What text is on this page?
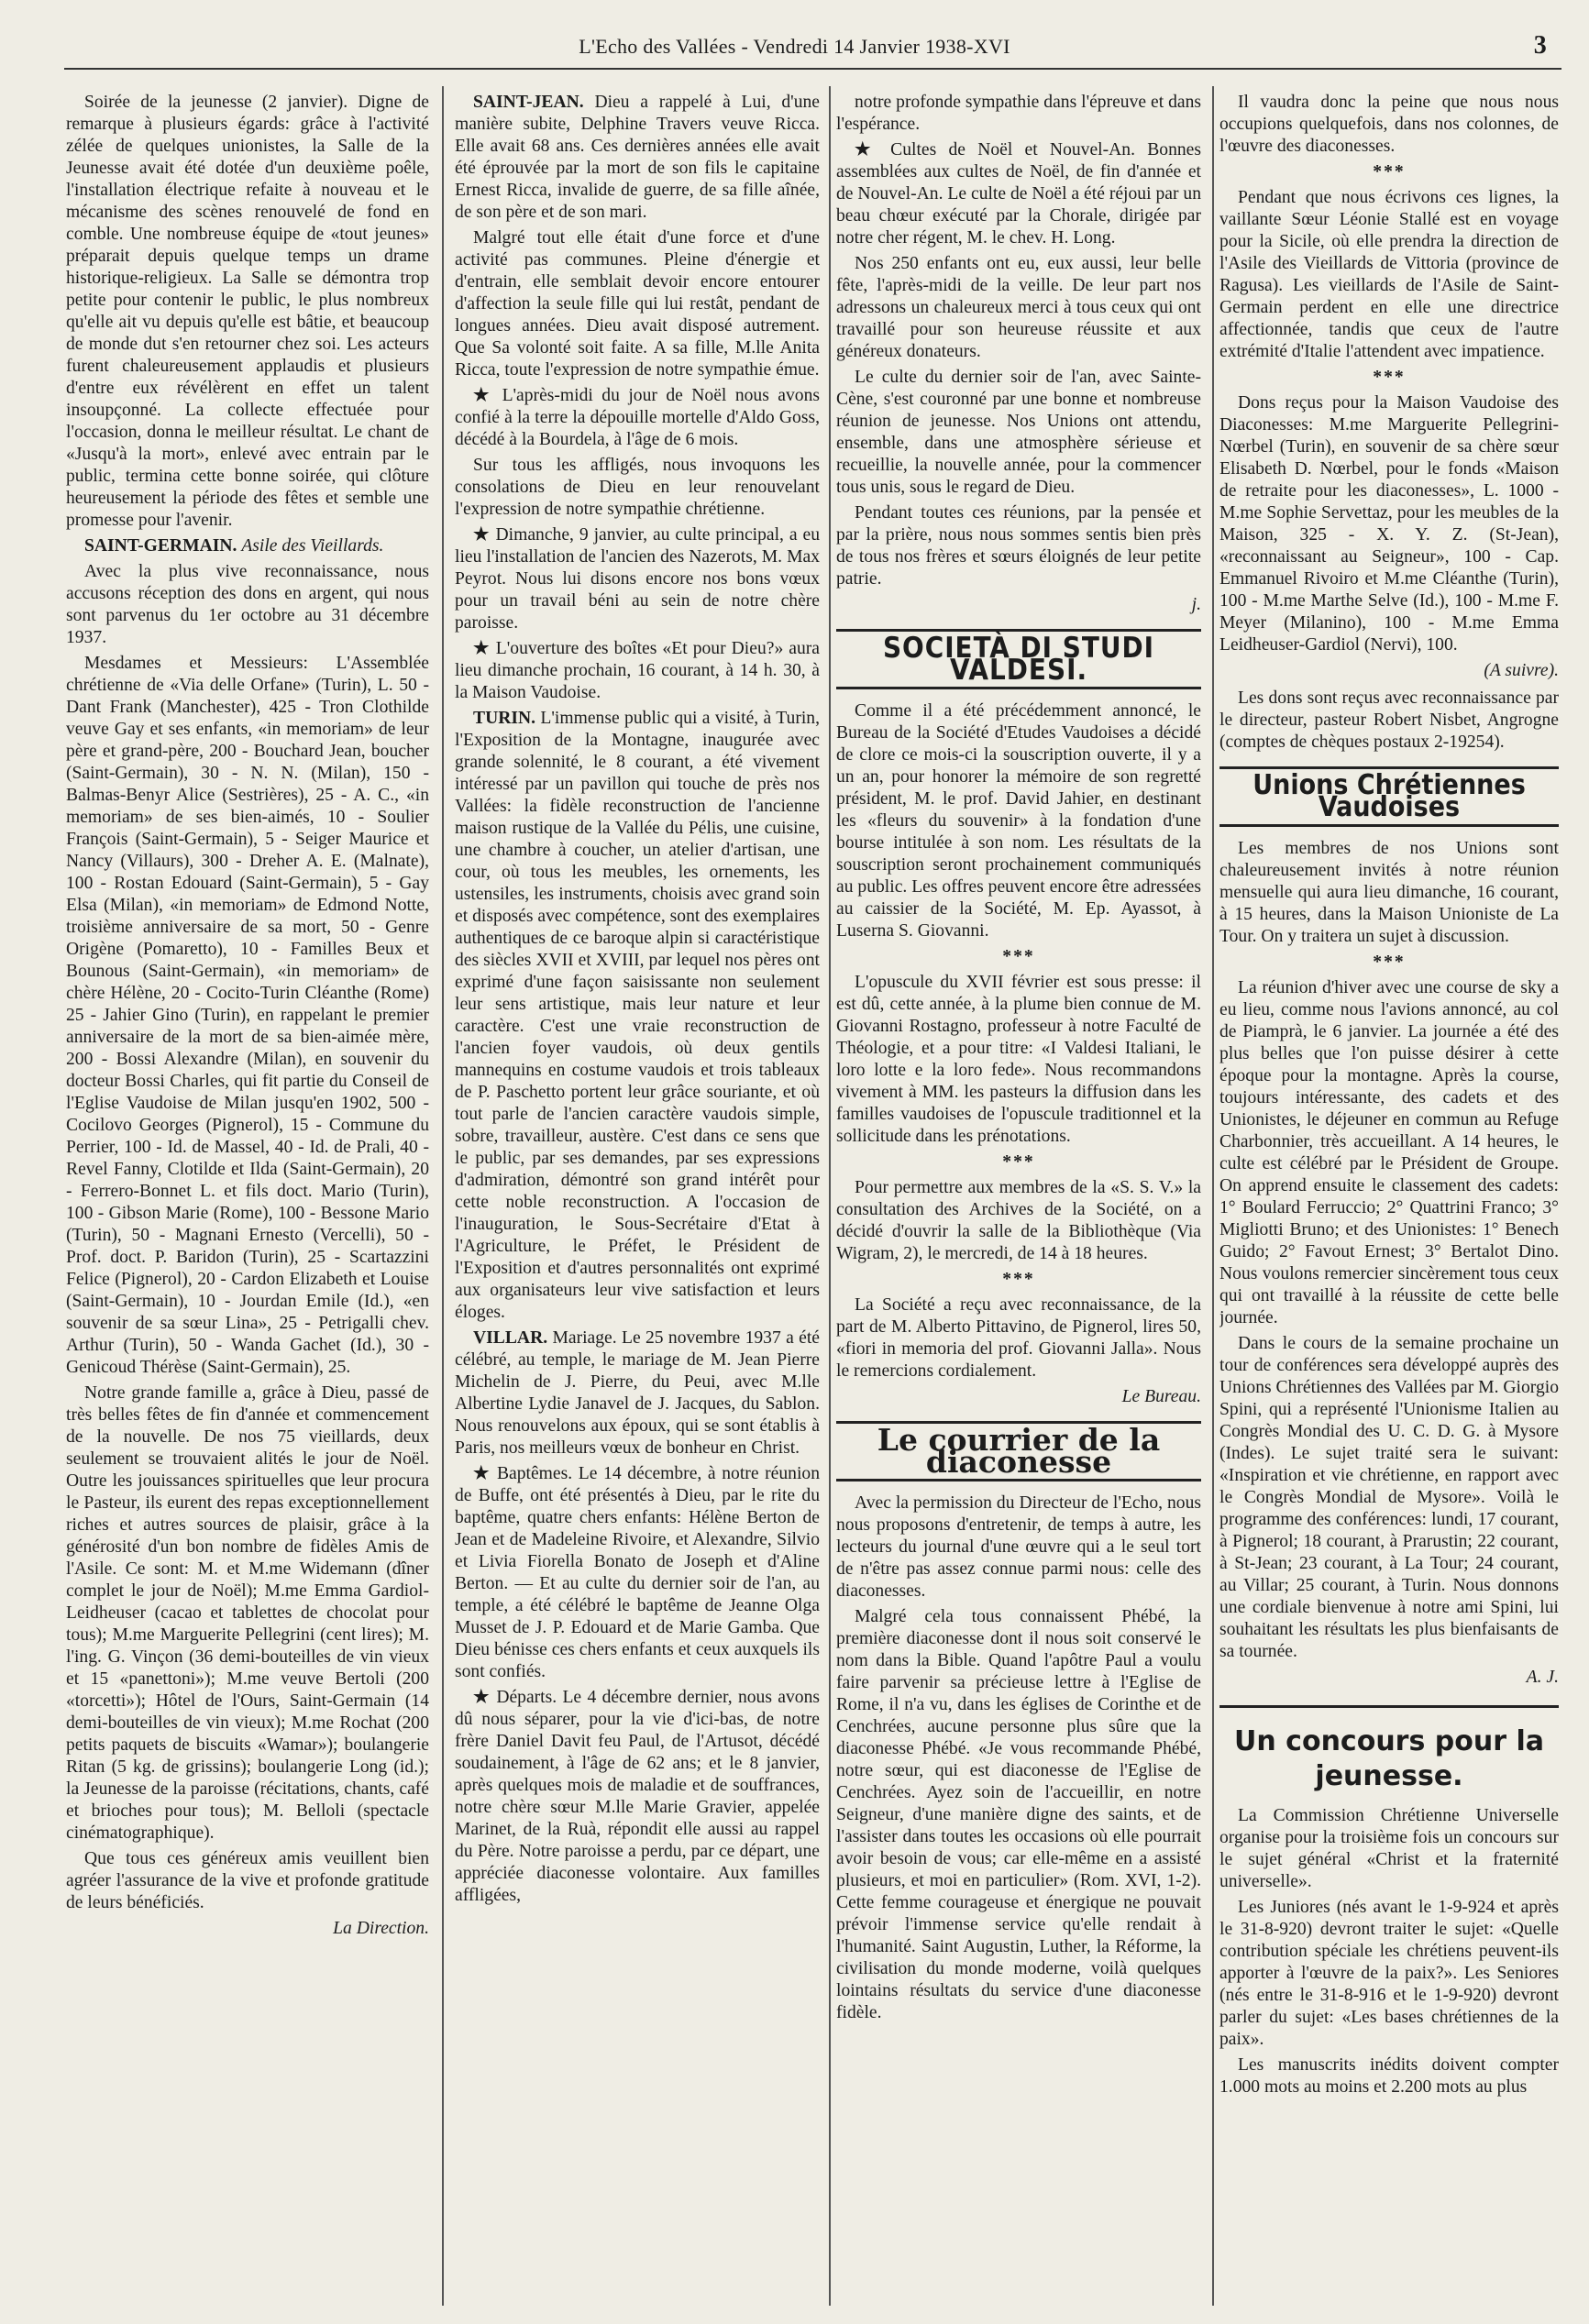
L'Echo des Vallées - Vendredi 14 Janvier 1938-XVI	3

Soirée de la jeunesse (2 janvier). Digne de remarque à plusieurs égards: grâce à l'activité zélée de quelques unionistes, la Salle de la Jeunesse avait été dotée d'un deuxième poêle, l'installation électrique refaite à nouveau et le mécanisme des scènes renouvelé de fond en comble. Une nombreuse équipe de «tout jeunes» préparait depuis quelque temps un drame historique-religieux. La Salle se démontra trop petite pour contenir le public, le plus nombreux qu'elle ait vu depuis qu'elle est bâtie, et beaucoup de monde dut s'en retourner chez soi. Les acteurs furent chaleureusement applaudis et plusieurs d'entre eux révélèrent en effet un talent insoupçonné. La collecte effectuée pour l'occasion, donna le meilleur résultat. Le chant de «Jusqu'à la mort», enlevé avec entrain par le public, termina cette bonne soirée, qui clôture heureusement la période des fêtes et semble une promesse pour l'avenir.

SAINT-GERMAIN. Asile des Vieillards.

Avec la plus vive reconnaissance, nous accusons réception des dons en argent, qui nous sont parvenus du 1er octobre au 31 décembre 1937.

Mesdames et Messieurs: L'Assemblée chrétienne de «Via delle Orfane» (Turin), L. 50 - Dant Frank (Manchester), 425 - Tron Clothilde veuve Gay et ses enfants, «in memoriam» de leur père et grand-père, 200 - Bouchard Jean, boucher (Saint-Germain), 30 - N. N. (Milan), 150 - Balmas-Benyr Alice (Sestrières), 25 - A. C., «in memoriam» de ses bien-aimés, 10 - Soulier François (Saint-Germain), 5 - Seiger Maurice et Nancy (Villaurs), 300 - Dreher A. E. (Malnate), 100 - Rostan Edouard (Saint-Germain), 5 - Gay Elsa (Milan), «in memoriam» de Edmond Notte, troisième anniversaire de sa mort, 50 - Genre Origène (Pomaretto), 10 - Familles Beux et Bounous (Saint-Germain), «in memoriam» de chère Hélène, 20 - Cocito-Turin Cléanthe (Rome) 25 - Jahier Gino (Turin), en rappelant le premier anniversaire de la mort de sa bien-aimée mère, 200 - Bossi Alexandre (Milan), en souvenir du docteur Bossi Charles, qui fit partie du Conseil de l'Eglise Vaudoise de Milan jusqu'en 1902, 500 - Cocilovo Georges (Pignerol), 15 - Commune du Perrier, 100 - Id. de Massel, 40 - Id. de Prali, 40 - Revel Fanny, Clotilde et Ilda (Saint-Germain), 20 - Ferrero-Bonnet L. et fils doct. Mario (Turin), 100 - Gibson Marie (Rome), 100 - Bessone Mario (Turin), 50 - Magnani Ernesto (Vercelli), 50 - Prof. doct. P. Baridon (Turin), 25 - Scartazzini Felice (Pignerol), 20 - Cardon Elizabeth et Louise (Saint-Germain), 10 - Jourdan Emile (Id.), «en souvenir de sa sœur Lina», 25 - Petrigalli chev. Arthur (Turin), 50 - Wanda Gachet (Id.), 30 - Genicoud Thérèse (Saint-Germain), 25.

Notre grande famille a, grâce à Dieu, passé de très belles fêtes de fin d'année et commencement de la nouvelle. De nos 75 vieillards, deux seulement se trouvaient alités le jour de Noël. Outre les jouissances spirituelles que leur procura le Pasteur, ils eurent des repas exceptionnellement riches et autres sources de plaisir, grâce à la générosité d'un bon nombre de fidèles Amis de l'Asile. Ce sont: M. et M.me Widemann (dîner complet le jour de Noël); M.me Emma Gardiol-Leidheuser (cacao et tablettes de chocolat pour tous); M.me Marguerite Pellegrini (cent lires); M. l'ing. G. Vinçon (36 demi-bouteilles de vin vieux et 15 «panettoni»); M.me veuve Bertoli (200 «torcetti»); Hôtel de l'Ours, Saint-Germain (14 demi-bouteilles de vin vieux); M.me Rochat (200 petits paquets de biscuits «Wamar»); boulangerie Ritan (5 kg. de grissins); boulangerie Long (id.); la Jeunesse de la paroisse (récitations, chants, café et brioches pour tous); M. Belloli (spectacle cinématographique).

Que tous ces généreux amis veuillent bien agréer l'assurance de la vive et profonde gratitude de leurs bénéficiés.

La Direction.

SAINT-JEAN. Dieu a rappelé à Lui, d'une manière subite, Delphine Travers veuve Ricca. Elle avait 68 ans. Ces dernières années elle avait été éprouvée par la mort de son fils le capitaine Ernest Ricca, invalide de guerre, de sa fille aînée, de son père et de son mari.

Malgré tout elle était d'une force et d'une activité pas communes. Pleine d'énergie et d'entrain, elle semblait devoir encore entourer d'affection la seule fille qui lui restât, pendant de longues années. Dieu avait disposé autrement. Que Sa volonté soit faite. A sa fille, M.lle Anita Ricca, toute l'expression de notre sympathie émue.

★ L'après-midi du jour de Noël nous avons confié à la terre la dépouille mortelle d'Aldo Goss, décédé à la Bourdela, à l'âge de 6 mois.

Sur tous les affligés, nous invoquons les consolations de Dieu en leur renouvelant l'expression de notre sympathie chrétienne.

★ Dimanche, 9 janvier, au culte principal, a eu lieu l'installation de l'ancien des Nazerots, M. Max Peyrot. Nous lui disons encore nos bons vœux pour un travail béni au sein de notre chère paroisse.

★ L'ouverture des boîtes «Et pour Dieu?» aura lieu dimanche prochain, 16 courant, à 14 h. 30, à la Maison Vaudoise.

TURIN. L'immense public qui a visité, à Turin, l'Exposition de la Montagne, inaugurée avec grande solennité, le 8 courant, a été vivement intéressé par un pavillon qui touche de près nos Vallées: la fidèle reconstruction de l'ancienne maison rustique de la Vallée du Pélis, une cuisine, une chambre à coucher, un atelier d'artisan, une cour, où tous les meubles, les ornements, les ustensiles, les instruments, choisis avec grand soin et disposés avec compétence, sont des exemplaires authentiques de ce baroque alpin si caractéristique des siècles XVII et XVIII, par lequel nos pères ont exprimé d'une façon saisissante non seulement leur sens artistique, mais leur nature et leur caractère. C'est une vraie reconstruction de l'ancien foyer vaudois, où deux gentils mannequins en costume vaudois et trois tableaux de P. Paschetto portent leur grâce souriante, et où tout parle de l'ancien caractère vaudois simple, sobre, travailleur, austère. C'est dans ce sens que le public, par ses demandes, par ses expressions d'admiration, démontré son grand intérêt pour cette noble reconstruction. A l'occasion de l'inauguration, le Sous-Secrétaire d'Etat à l'Agriculture, le Préfet, le Président de l'Exposition et d'autres personnalités ont exprimé aux organisateurs leur vive satisfaction et leurs éloges.

VILLAR. Mariage. Le 25 novembre 1937 a été célébré, au temple, le mariage de M. Jean Pierre Michelin de J. Pierre, du Peui, avec M.lle Albertine Lydie Janavel de J. Jacques, du Sablon. Nous renouvelons aux époux, qui se sont établis à Paris, nos meilleurs vœux de bonheur en Christ.

★ Baptêmes. Le 14 décembre, à notre réunion de Buffe, ont été présentés à Dieu, par le rite du baptême, quatre chers enfants: Hélène Berton de Jean et de Madeleine Rivoire, et Alexandre, Silvio et Livia Fiorella Bonato de Joseph et d'Aline Berton. — Et au culte du dernier soir de l'an, au temple, a été célébré le baptême de Jeanne Olga Musset de J. P. Edouard et de Marie Gamba. Que Dieu bénisse ces chers enfants et ceux auxquels ils sont confiés.

★ Départs. Le 4 décembre dernier, nous avons dû nous séparer, pour la vie d'ici-bas, de notre frère Daniel Davit feu Paul, de l'Artusot, décédé soudainement, à l'âge de 62 ans; et le 8 janvier, après quelques mois de maladie et de souffrances, notre chère sœur M.lle Marie Gravier, appelée Marinet, de la Ruà, répondit elle aussi au rappel du Père. Notre paroisse a perdu, par ce départ, une appréciée diaconesse volontaire. Aux familles affligées,

notre profonde sympathie dans l'épreuve et dans l'espérance.

★ Cultes de Noël et Nouvel-An. Bonnes assemblées aux cultes de Noël, de fin d'année et de Nouvel-An. Le culte de Noël a été réjoui par un beau chœur exécuté par la Chorale, dirigée par notre cher régent, M. le chev. H. Long.

Nos 250 enfants ont eu, eux aussi, leur belle fête, l'après-midi de la veille. De leur part nos adressons un chaleureux merci à tous ceux qui ont travaillé pour son heureuse réussite et aux généreux donateurs.

Le culte du dernier soir de l'an, avec Sainte-Cène, s'est couronné par une bonne et nombreuse réunion de jeunesse. Nos Unions ont attendu, ensemble, dans une atmosphère sérieuse et recueillie, la nouvelle année, pour la commencer tous unis, sous le regard de Dieu.

Pendant toutes ces réunions, par la pensée et par la prière, nous nous sommes sentis bien près de tous nos frères et sœurs éloignés de leur petite patrie.

j.

SOCIETÀ DI STUDI VALDESI.

Comme il a été précédemment annoncé, le Bureau de la Société d'Etudes Vaudoises a décidé de clore ce mois-ci la souscription ouverte, il y a un an, pour honorer la mémoire de son regretté président, M. le prof. David Jahier, en destinant les «fleurs du souvenir» à la fondation d'une bourse intitulée à son nom. Les résultats de la souscription seront prochainement communiqués au public. Les offres peuvent encore être adressées au caissier de la Société, M. Ep. Ayassot, à Luserna S. Giovanni.

***

L'opuscule du XVII février est sous presse: il est dû, cette année, à la plume bien connue de M. Giovanni Rostagno, professeur à notre Faculté de Théologie, et a pour titre: «I Valdesi Italiani, le loro lotte e la loro fede». Nous recommandons vivement à MM. les pasteurs la diffusion dans les familles vaudoises de l'opuscule traditionnel et la sollicitude dans les prénotations.

***

Pour permettre aux membres de la «S. S. V.» la consultation des Archives de la Société, on a décidé d'ouvrir la salle de la Bibliothèque (Via Wigram, 2), le mercredi, de 14 à 18 heures.

***

La Société a reçu avec reconnaissance, de la part de M. Alberto Pittavino, de Pignerol, lires 50, «fiori in memoria del prof. Giovanni Jalla». Nous le remercions cordialement.

Le Bureau.

Le courrier de la diaconesse

Avec la permission du Directeur de l'Echo, nous nous proposons d'entretenir, de temps à autre, les lecteurs du journal d'une œuvre qui a le seul tort de n'être pas assez connue parmi nous: celle des diaconesses.

Malgré cela tous connaissent Phébé, la première diaconesse dont il nous soit conservé le nom dans la Bible. Quand l'apôtre Paul a voulu faire parvenir sa précieuse lettre à l'Eglise de Rome, il n'a vu, dans les églises de Corinthe et de Cenchrées, aucune personne plus sûre que la diaconesse Phébé. «Je vous recommande Phébé, notre sœur, qui est diaconesse de l'Eglise de Cenchrées. Ayez soin de l'accueillir, en notre Seigneur, d'une manière digne des saints, et de l'assister dans toutes les occasions où elle pourrait avoir besoin de vous; car elle-même en a assisté plusieurs, et moi en particulier» (Rom. XVI, 1-2). Cette femme courageuse et énergique ne pouvait prévoir l'immense service qu'elle rendait à l'humanité. Saint Augustin, Luther, la Réforme, la civilisation du monde moderne, voilà quelques lointains résultats du service d'une diaconesse fidèle.

Il vaudra donc la peine que nous nous occupions quelquefois, dans nos colonnes, de l'œuvre des diaconesses.

***

Pendant que nous écrivons ces lignes, la vaillante Sœur Léonie Stallé est en voyage pour la Sicile, où elle prendra la direction de l'Asile des Vieillards de Vittoria (province de Ragusa). Les vieillards de l'Asile de Saint-Germain perdent en elle une directrice affectionnée, tandis que ceux de l'autre extrémité d'Italie l'attendent avec impatience.

***

Dons reçus pour la Maison Vaudoise des Diaconesses: M.me Marguerite Pellegrini-Nœrbel (Turin), en souvenir de sa chère sœur Elisabeth D. Nœrbel, pour le fonds «Maison de retraite pour les diaconesses», L. 1000 - M.me Sophie Servettaz, pour les meubles de la Maison, 325 - X. Y. Z. (St-Jean), «reconnaissant au Seigneur», 100 - Cap. Emmanuel Rivoiro et M.me Cléanthe (Turin), 100 - M.me Marthe Selve (Id.), 100 - M.me F. Meyer (Milanino), 100 - M.me Emma Leidheuser-Gardiol (Nervi), 100.

(A suivre).

Les dons sont reçus avec reconnaissance par le directeur, pasteur Robert Nisbet, Angrogne (comptes de chèques postaux 2-19254).

Unions Chrétiennes Vaudoises

Les membres de nos Unions sont chaleureusement invités à notre réunion mensuelle qui aura lieu dimanche, 16 courant, à 15 heures, dans la Maison Unioniste de La Tour. On y traitera un sujet à discussion.

***

La réunion d'hiver avec une course de sky a eu lieu, comme nous l'avions annoncé, au col de Piamprà, le 6 janvier. La journée a été des plus belles que l'on puisse désirer à cette époque pour la montagne. Après la course, toujours intéressante, des cadets et des Unionistes, le déjeuner en commun au Refuge Charbonnier, très accueillant. A 14 heures, le culte est célébré par le Président de Groupe. On apprend ensuite le classement des cadets: 1° Boulard Ferruccio; 2° Quattrini Franco; 3° Migliotti Bruno; et des Unionistes: 1° Benech Guido; 2° Favout Ernest; 3° Bertalot Dino. Nous voulons remercier sincèrement tous ceux qui ont travaillé à la réussite de cette belle journée.

Dans le cours de la semaine prochaine un tour de conférences sera développé auprès des Unions Chrétiennes des Vallées par M. Giorgio Spini, qui a représenté l'Unionisme Italien au Congrès Mondial des U. C. D. G. à Mysore (Indes). Le sujet traité sera le suivant: «Inspiration et vie chrétienne, en rapport avec le Congrès Mondial de Mysore». Voilà le programme des conférences: lundi, 17 courant, à Pignerol; 18 courant, à Prarustin; 22 courant, à St-Jean; 23 courant, à La Tour; 24 courant, au Villar; 25 courant, à Turin. Nous donnons une cordiale bienvenue à notre ami Spini, lui souhaitant les résultats les plus bienfaisants de sa tournée.

A. J.

Un concours pour la jeunesse.

La Commission Chrétienne Universelle organise pour la troisième fois un concours sur le sujet général «Christ et la fraternité universelle».

Les Juniores (nés avant le 1-9-924 et après le 31-8-920) devront traiter le sujet: «Quelle contribution spéciale les chrétiens peuvent-ils apporter à l'œuvre de la paix?». Les Seniores (nés entre le 31-8-916 et le 1-9-920) devront parler du sujet: «Les bases chrétiennes de la paix».

Les manuscrits inédits doivent compter 1.000 mots au moins et 2.200 mots au plus
